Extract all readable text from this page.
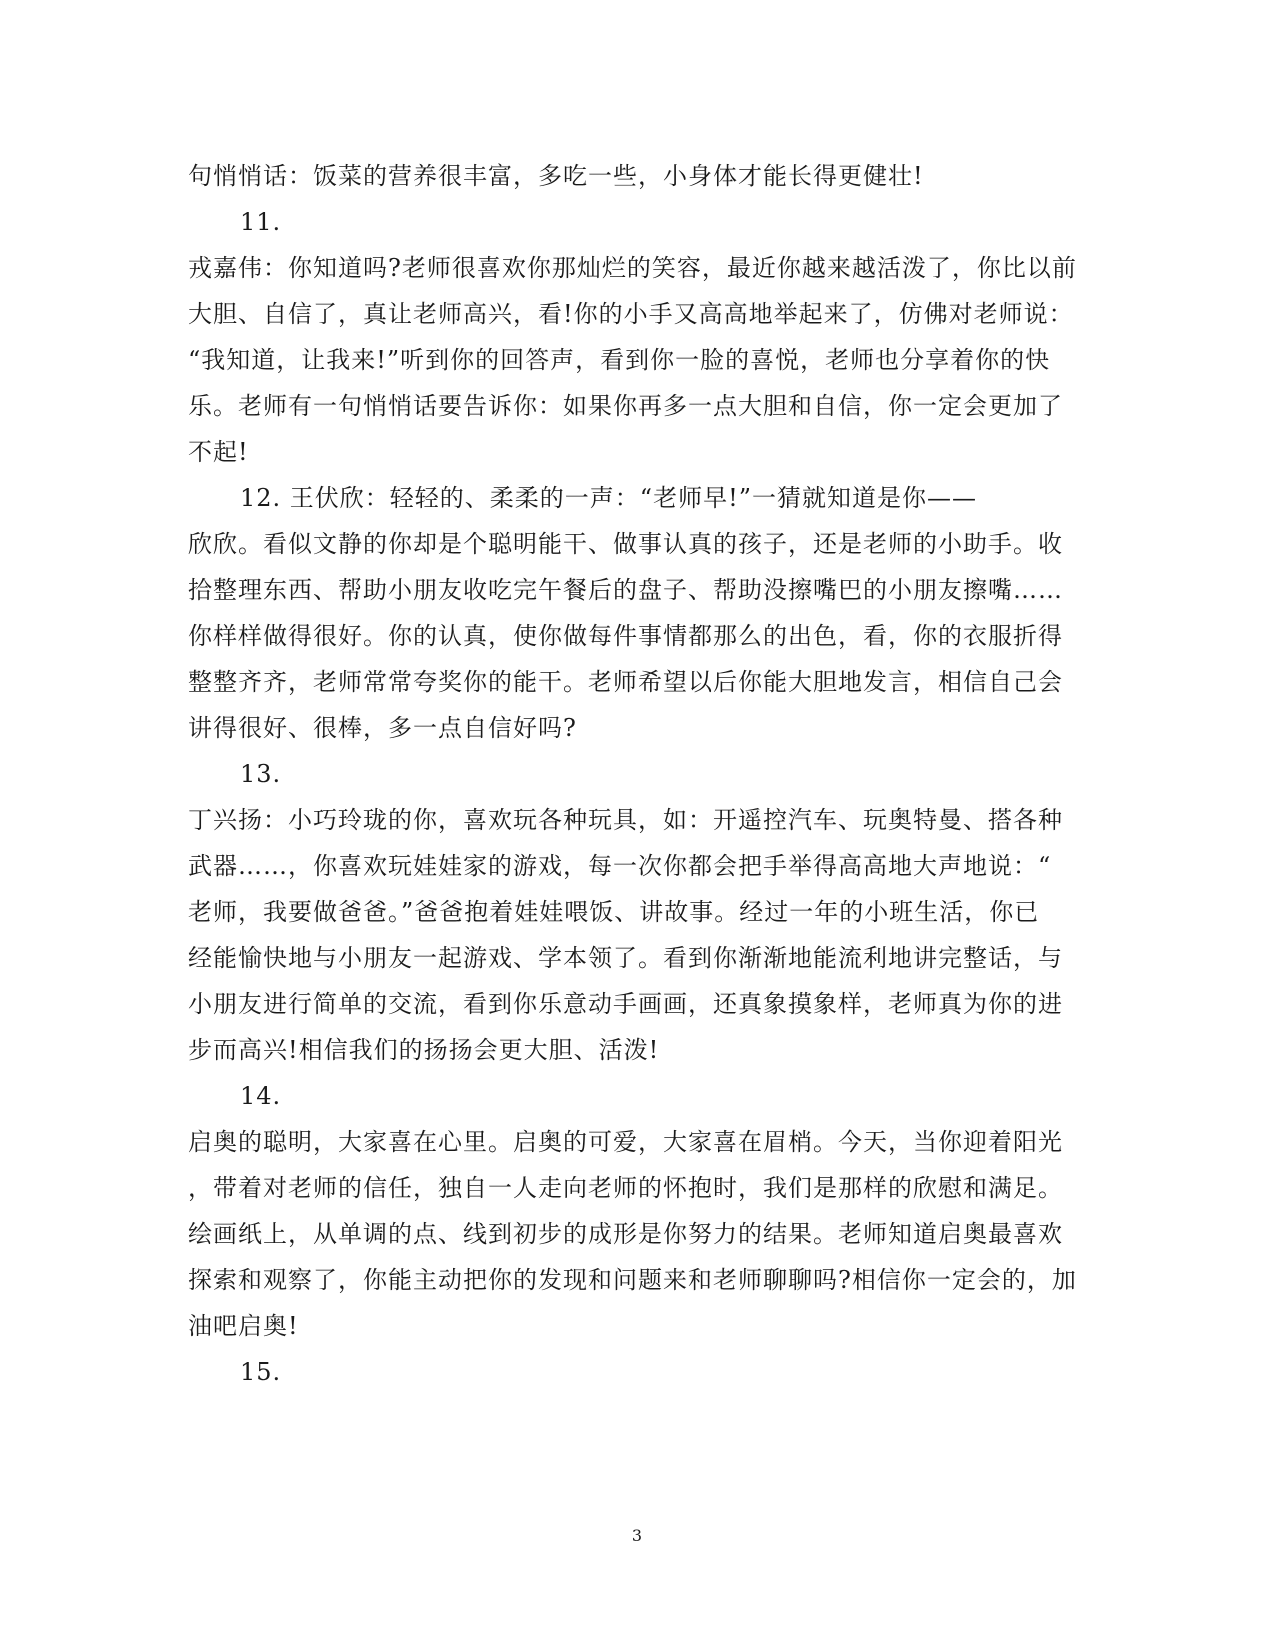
句悄悄话：饭菜的营养很丰富，多吃一些，小身体才能长得更健壮!
11.
戎嘉伟：你知道吗?老师很喜欢你那灿烂的笑容，最近你越来越活泼了，你比以前
大胆、自信了，真让老师高兴，看!你的小手又高高地举起来了，仿佛对老师说：
“我知道，让我来!”听到你的回答声，看到你一脸的喜悦，老师也分享着你的快
乐。老师有一句悄悄话要告诉你：如果你再多一点大胆和自信，你一定会更加了
不起!
12. 王伏欣：轻轻的、柔柔的一声：“老师早!”一猜就知道是你——
欣欣。看似文静的你却是个聪明能干、做事认真的孩子，还是老师的小助手。收
拾整理东西、帮助小朋友收吃完午餐后的盘子、帮助没擦嘴巴的小朋友擦嘴……
你样样做得很好。你的认真，使你做每件事情都那么的出色，看，你的衣服折得
整整齐齐，老师常常夸奖你的能干。老师希望以后你能大胆地发言，相信自己会
讲得很好、很棒，多一点自信好吗?
13.
丁兴扬：小巧玲珑的你，喜欢玩各种玩具，如：开遥控汽车、玩奥特曼、搭各种
武器……，你喜欢玩娃娃家的游戏，每一次你都会把手举得高高地大声地说：“
老师，我要做爸爸。”爸爸抱着娃娃喂饭、讲故事。经过一年的小班生活，你已
经能愉快地与小朋友一起游戏、学本领了。看到你渐渐地能流利地讲完整话，与
小朋友进行简单的交流，看到你乐意动手画画，还真象摸象样，老师真为你的进
步而高兴!相信我们的扬扬会更大胆、活泼!
14.
启奥的聪明，大家喜在心里。启奥的可爱，大家喜在眉梢。今天，当你迎着阳光
，带着对老师的信任，独自一人走向老师的怀抱时，我们是那样的欣慰和满足。
绘画纸上，从单调的点、线到初步的成形是你努力的结果。老师知道启奥最喜欢
探索和观察了，你能主动把你的发现和问题来和老师聊聊吗?相信你一定会的，加
油吧启奥!
15.
3
